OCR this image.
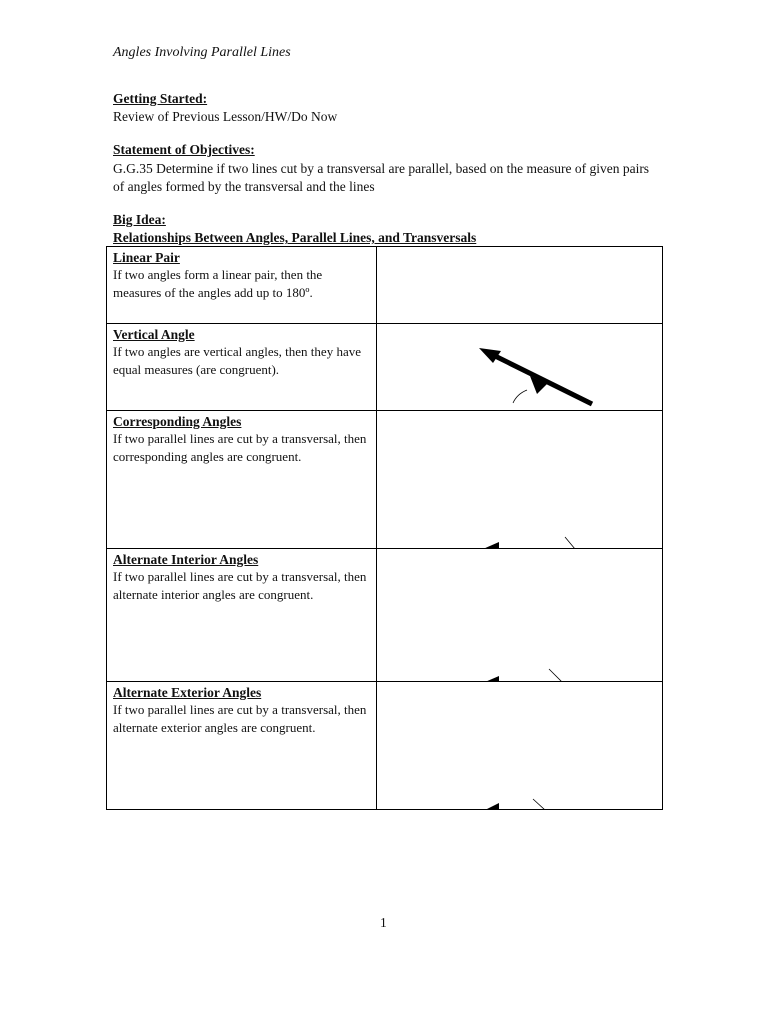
Angles Involving Parallel Lines
Getting Started:
Review of Previous Lesson/HW/Do Now
Statement of Objectives:
G.G.35 Determine if two lines cut by a transversal are parallel, based on the measure of given pairs of angles formed by the transversal and the lines
Big Idea:
Relationships Between Angles, Parallel Lines, and Transversals
Linear Pair
If two angles form a linear pair, then the measures of the angles add up to 180º.	

Vertical Angle
If two angles are vertical angles, then they have equal measures (are congruent).

Corresponding Angles
If two parallel lines are cut by a transversal, then corresponding angles are congruent.

Alternate Interior Angles
If two parallel lines are cut by a transversal, then alternate interior angles are congruent.

Alternate Exterior Angles
If two parallel lines are cut by a transversal, then alternate exterior angles are congruent.

1
